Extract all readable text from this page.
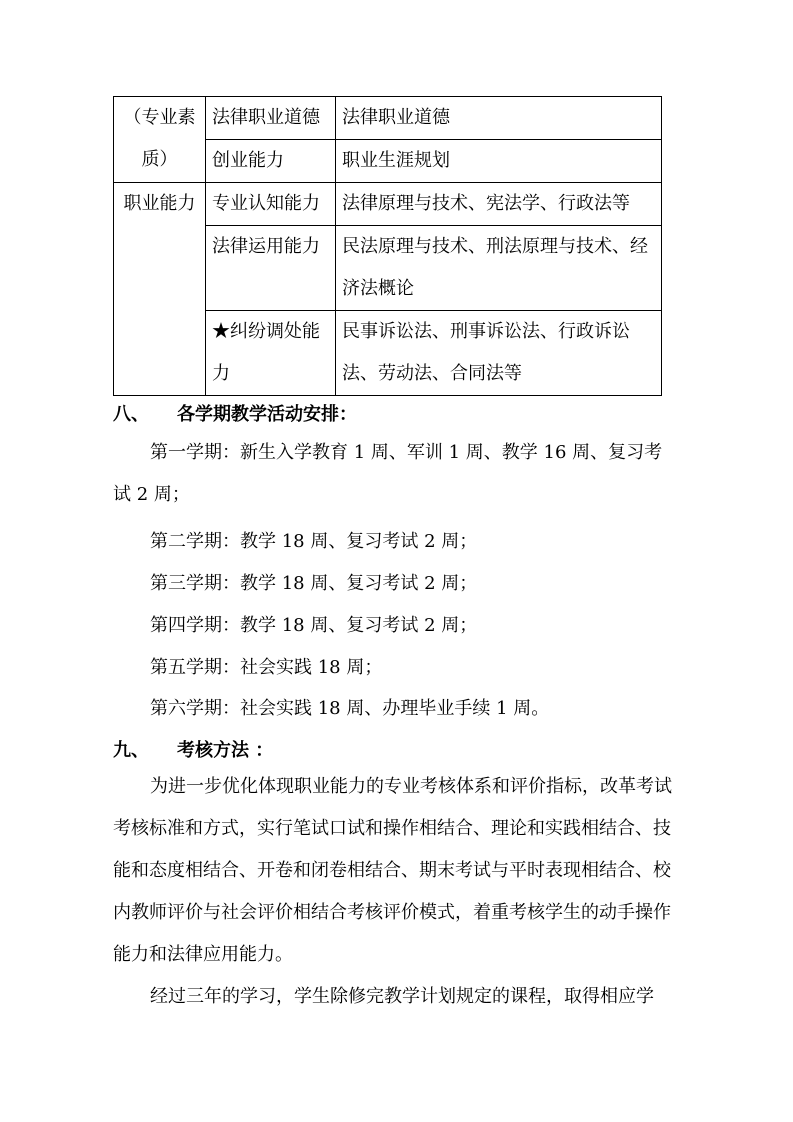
（专业素质）	法律职业道德	法律职业道德
	创业能力	职业生涯规划
职业能力	专业认知能力	法律原理与技术、宪法学、行政法等
	法律运用能力	民法原理与技术、刑法原理与技术、经济法概论
	★纠纷调处能力	民事诉讼法、刑事诉讼法、行政诉讼法、劳动法、合同法等
八、 各学期教学活动安排：
第一学期：新生入学教育 1 周、军训 1 周、教学 16 周、复习考试 2 周；
第二学期：教学 18 周、复习考试 2 周；
第三学期：教学 18 周、复习考试 2 周；
第四学期：教学 18 周、复习考试 2 周；
第五学期：社会实践 18 周；
第六学期：社会实践 18 周、办理毕业手续 1 周。
九、 考核方法 ：
为进一步优化体现职业能力的专业考核体系和评价指标，改革考试考核标准和方式，实行笔试口试和操作相结合、理论和实践相结合、技能和态度相结合、开卷和闭卷相结合、期末考试与平时表现相结合、校内教师评价与社会评价相结合考核评价模式，着重考核学生的动手操作能力和法律应用能力。
经过三年的学习，学生除修完教学计划规定的课程，取得相应学
